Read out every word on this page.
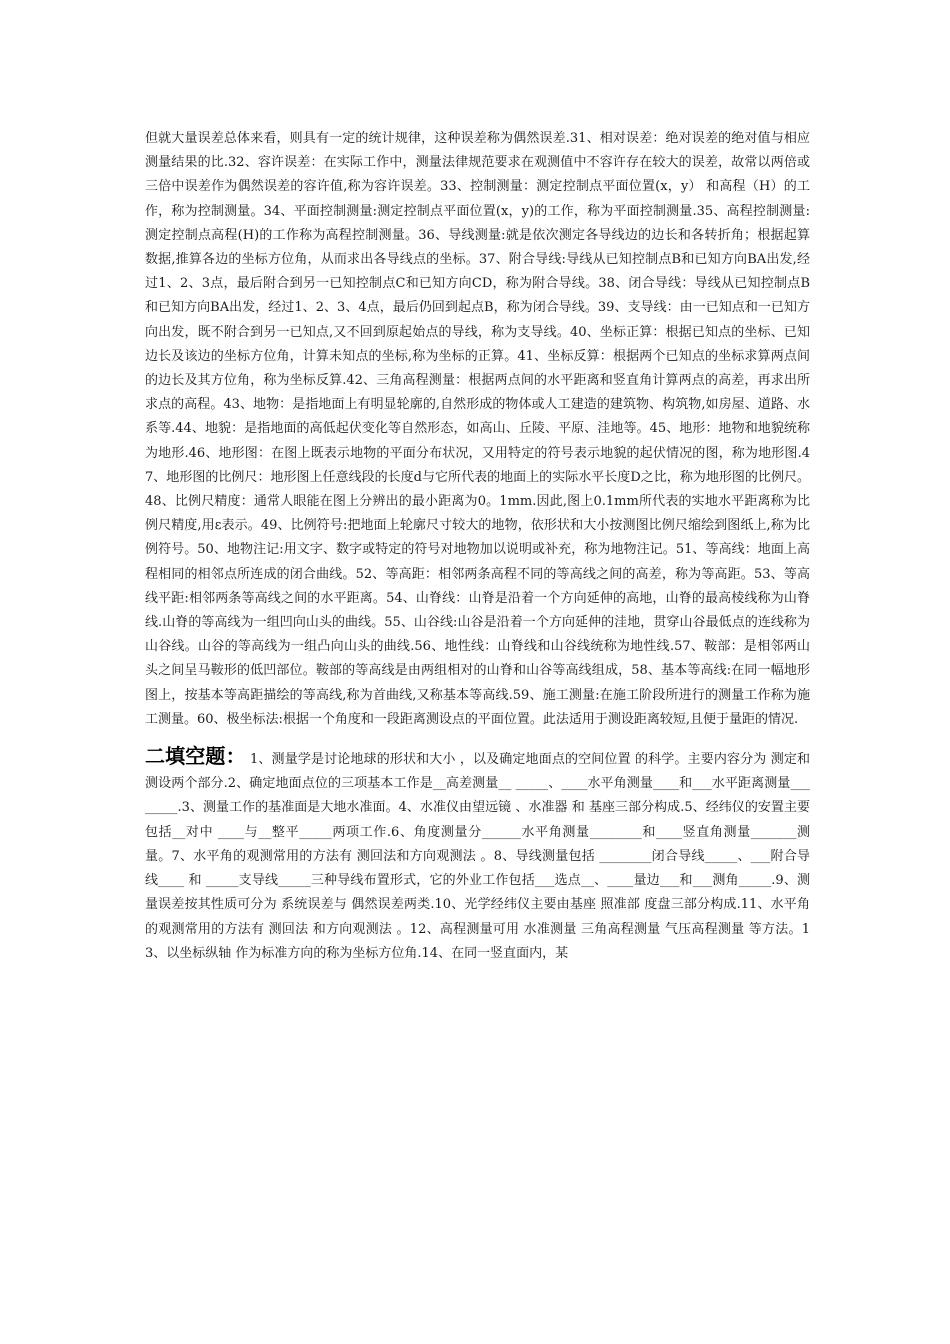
但就大量误差总体来看，则具有一定的统计规律，这种误差称为偶然误差.31、相对误差：绝对误差的绝对值与相应测量结果的比.32、容许误差：在实际工作中，测量法律规范要求在观测值中不容许存在较大的误差，故常以两倍或三倍中误差作为偶然误差的容许值,称为容许误差。33、控制测量：测定控制点平面位置(x，y） 和高程（H）的工作，称为控制测量。34、平面控制测量:测定控制点平面位置(x，y)的工作，称为平面控制测量.35、高程控制测量:测定控制点高程(H)的工作称为高程控制测量。36、导线测量:就是依次测定各导线边的边长和各转折角；根据起算数据,推算各边的坐标方位角，从而求出各导线点的坐标。37、附合导线:导线从已知控制点B和已知方向BA出发,经过1、2、3点，最后附合到另一已知控制点C和已知方向CD，称为附合导线。38、闭合导线：导线从已知控制点B和已知方向BA出发，经过1、2、3、4点，最后仍回到起点B，称为闭合导线。39、支导线：由一已知点和一已知方向出发，既不附合到另一已知点,又不回到原起始点的导线，称为支导线。40、坐标正算：根据已知点的坐标、已知边长及该边的坐标方位角，计算未知点的坐标,称为坐标的正算。41、坐标反算：根据两个已知点的坐标求算两点间的边长及其方位角，称为坐标反算.42、三角高程测量：根据两点间的水平距离和竖直角计算两点的高差，再求出所求点的高程。43、地物：是指地面上有明显轮廓的,自然形成的物体或人工建造的建筑物、构筑物,如房屋、道路、水系等.44、地貌：是指地面的高低起伏变化等自然形态，如高山、丘陵、平原、洼地等。45、地形：地物和地貌统称为地形.46、地形图：在图上既表示地物的平面分布状况，又用特定的符号表示地貌的起伏情况的图，称为地形图.47、地形图的比例尺：地形图上任意线段的长度d与它所代表的地面上的实际水平长度D之比，称为地形图的比例尺。48、比例尺精度：通常人眼能在图上分辨出的最小距离为0。1mm.因此,图上0.1mm所代表的实地水平距离称为比例尺精度,用ε表示。49、比例符号:把地面上轮廓尺寸较大的地物，依形状和大小按测图比例尺缩绘到图纸上,称为比例符号。50、地物注记:用文字、数字或特定的符号对地物加以说明或补充，称为地物注记。51、等高线：地面上高程相同的相邻点所连成的闭合曲线。52、等高距：相邻两条高程不同的等高线之间的高差，称为等高距。53、等高线平距:相邻两条等高线之间的水平距离。54、山脊线：山脊是沿着一个方向延伸的高地，山脊的最高棱线称为山脊线.山脊的等高线为一组凹向山头的曲线。55、山谷线:山谷是沿着一个方向延伸的洼地，贯穿山谷最低点的连线称为山谷线。山谷的等高线为一组凸向山头的曲线.56、地性线：山脊线和山谷线统称为地性线.57、鞍部：是相邻两山头之间呈马鞍形的低凹部位。鞍部的等高线是由两组相对的山脊和山谷等高线组成，58、基本等高线:在同一幅地形图上，按基本等高距描绘的等高线,称为首曲线,又称基本等高线.59、施工测量:在施工阶段所进行的测量工作称为施工测量。60、极坐标法:根据一个角度和一段距离测设点的平面位置。此法适用于测设距离较短,且便于量距的情况.

二填空题： 1、测量学是讨论地球的形状和大小 ，以及确定地面点的空间位置 的科学。主要内容分为 测定和 测设两个部分.2、确定地面点位的三项基本工作是__高差测量__ _____、____水平角测量____和___水平距离测量________.3、测量工作的基准面是大地水准面。4、水准仪由望远镜 、水准器 和 基座三部分构成.5、经纬仪的安置主要包括__对中 ____与__整平_____两项工作.6、角度测量分______水平角测量________和____竖直角测量_______测量。7、水平角的观测常用的方法有 测回法和方向观测法 。8、导线测量包括 ________闭合导线_____、___附合导线____ 和 _____支导线_____三种导线布置形式，它的外业工作包括___选点__、____量边___和___测角_____.9、测量误差按其性质可分为 系统误差与 偶然误差两类.10、光学经纬仪主要由基座 照准部 度盘三部分构成.11、水平角的观测常用的方法有 测回法 和方向观测法 。12、高程测量可用 水准测量 三角高程测量 气压高程测量 等方法。13、以坐标纵轴 作为标准方向的称为坐标方位角.14、在同一竖直面内，某
